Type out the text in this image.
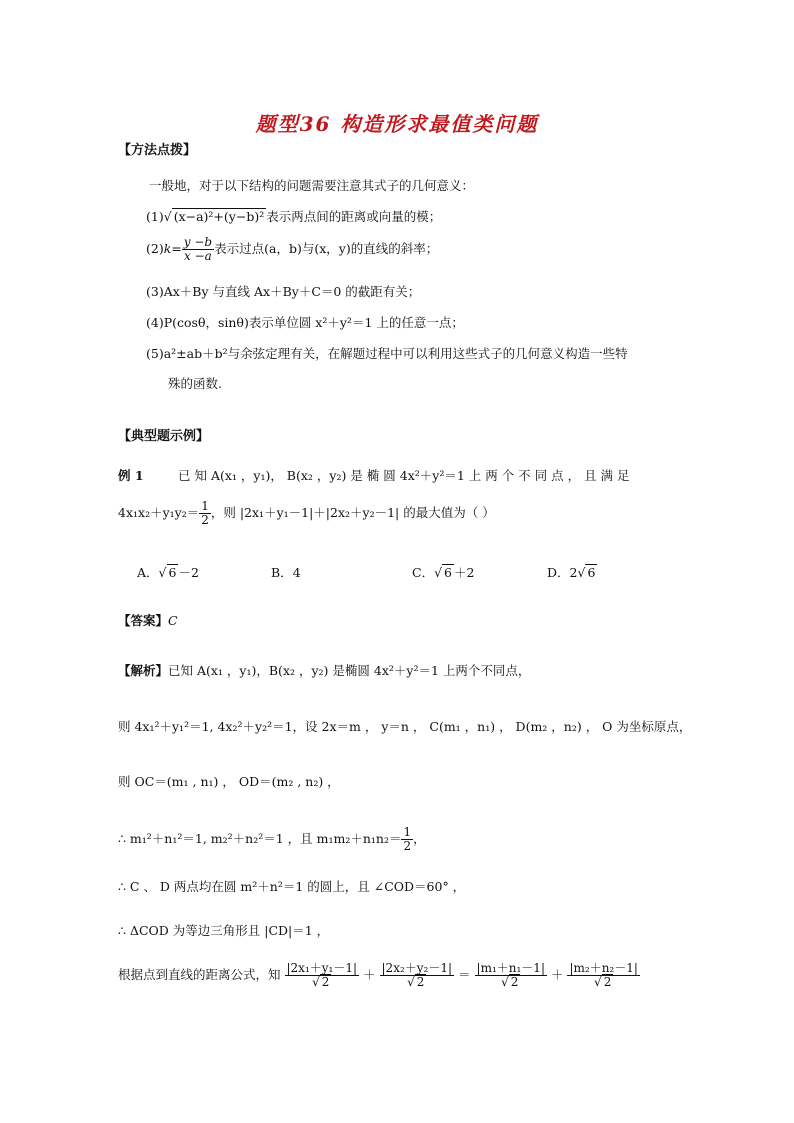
题型36 构造形求最值类问题
【方法点拨】
一般地，对于以下结构的问题需要注意其式子的几何意义：
(1)√ (x−a)²+(y−b)² 表示两点间的距离或向量的模；
$(2)k= \frac{y -b}{x -a}$ 表示过点(a，b)与(x，y)的直线的斜率；
(3)Ax＋By 与直线 Ax＋By＋C＝0 的截距有关；
(4)P(cosθ，sinθ)表示单位圆 x²＋y²＝1 上的任意一点；
(5)a²±ab＋b²与余弦定理有关，在解题过程中可以利用这些式子的几何意义构造一些特
殊的函数.
【典型题示例】
例 1	已 知 A(x₁ ，y₁)， B(x₂ ，y₂) 是 椭 圆 4x²＋y²＝1 上 两 个 不 同 点 ， 且 满 足
$4x_1x_2+y_1y_2= \frac{1}{2}$ ，则 |2x₁＋y₁－1|＋|2x₂＋y₂－1| 的最大值为（ ）
A．√ 6 －2	B．4	C．√ 6 ＋2	D．2√ 6
【答案】C
【解析】已知 A(x₁ ，y₁)，B(x₂ ，y₂) 是椭圆 4x²＋y²＝1 上两个不同点，
则 4x₁²＋y₁²＝1, 4x₂²＋y₂²＝1，设 2x＝m ， y＝n ， C(m₁ ，n₁) ， D(m₂ ，n₂) ， O 为坐标原点，
则 OC＝(m₁ , n₁) ， OD＝(m₂ , n₂) ，
∴ m₁²＋n₁²＝1, m₂²＋n₂²＝1 ，且 $m_1m_2+n_1n_2= \frac{1}{2}$ ，
∴ C 、 D 两点均在圆 m²＋n²＝1 的圆上，且 ∠COD＝60° ，
∴ ΔCOD 为等边三角形且 |CD|＝1 ，
根据点到直线的距离公式，知 $\frac{\text{|2x₁＋y₁－1|}}{√ 2} + \frac{\text{|2x₂＋y₂－1|}}{√ 2} = \frac{\text{|m₁＋n₁－1|}}{√ 2} + \frac{\text{|m₂＋n₂－1|}}{√ 2}$
